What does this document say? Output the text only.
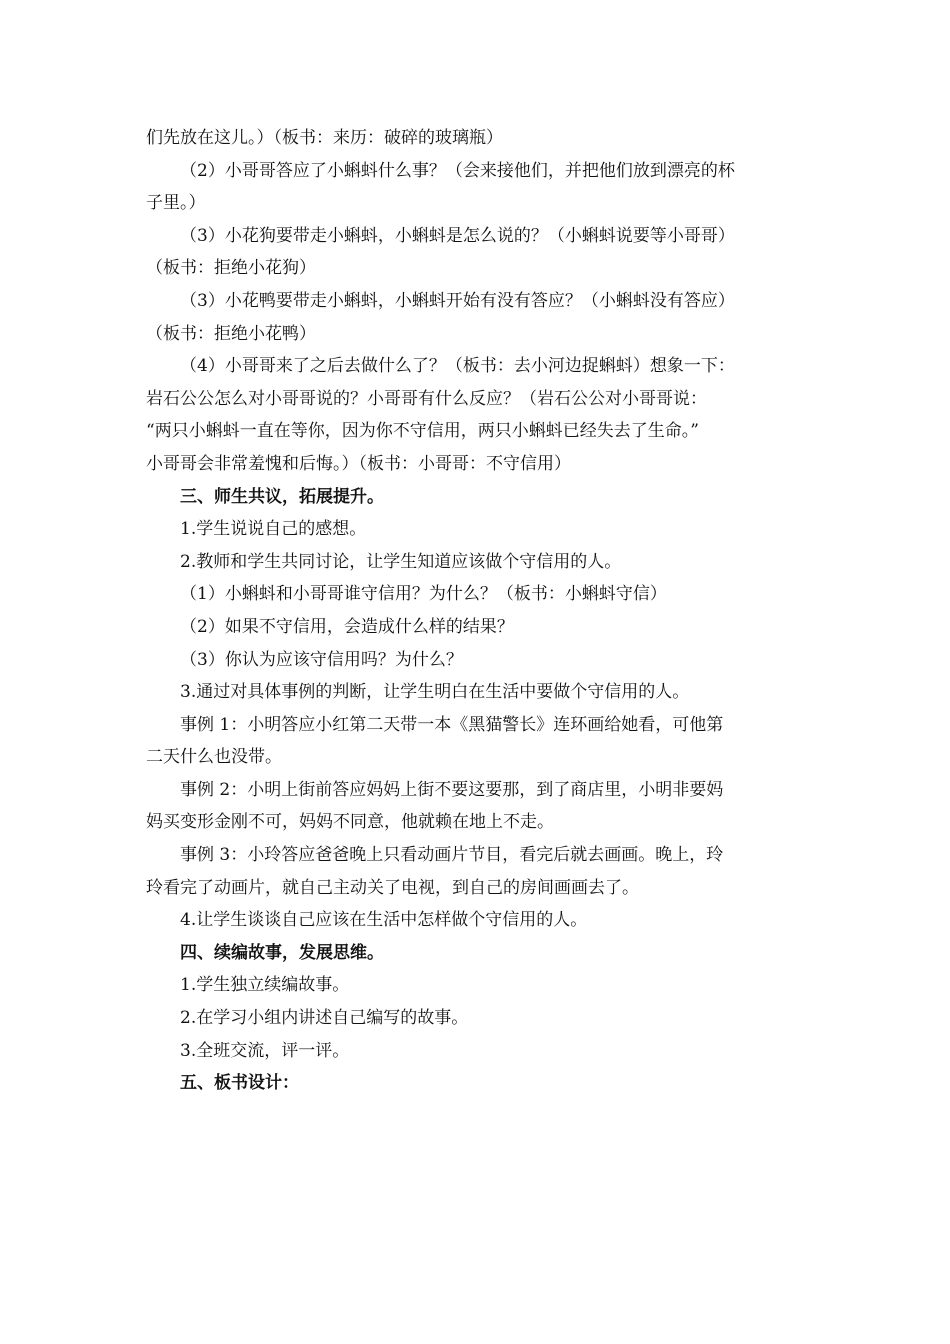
们先放在这儿。）（板书：来历：破碎的玻璃瓶）
（2）小哥哥答应了小蝌蚪什么事？（会来接他们，并把他们放到漂亮的杯
子里。）
（3）小花狗要带走小蝌蚪，小蝌蚪是怎么说的？（小蝌蚪说要等小哥哥）
（板书：拒绝小花狗）
（3）小花鸭要带走小蝌蚪，小蝌蚪开始有没有答应？（小蝌蚪没有答应）
（板书：拒绝小花鸭）
（4）小哥哥来了之后去做什么了？（板书：去小河边捉蝌蚪）想象一下：
岩石公公怎么对小哥哥说的？小哥哥有什么反应？（岩石公公对小哥哥说：
“两只小蝌蚪一直在等你，因为你不守信用，两只小蝌蚪已经失去了生命。”
小哥哥会非常羞愧和后悔。）（板书：小哥哥：不守信用）
三、师生共议，拓展提升。
1.学生说说自己的感想。
2.教师和学生共同讨论，让学生知道应该做个守信用的人。
（1）小蝌蚪和小哥哥谁守信用？为什么？（板书：小蝌蚪守信）
（2）如果不守信用，会造成什么样的结果？
（3）你认为应该守信用吗？为什么？
3.通过对具体事例的判断，让学生明白在生活中要做个守信用的人。
事例 1：小明答应小红第二天带一本《黑猫警长》连环画给她看，可他第
二天什么也没带。
事例 2：小明上街前答应妈妈上街不要这要那，到了商店里，小明非要妈
妈买变形金刚不可，妈妈不同意，他就赖在地上不走。
事例 3：小玲答应爸爸晚上只看动画片节目，看完后就去画画。晚上，玲
玲看完了动画片，就自己主动关了电视，到自己的房间画画去了。
4.让学生谈谈自己应该在生活中怎样做个守信用的人。
四、续编故事，发展思维。
1.学生独立续编故事。
2.在学习小组内讲述自己编写的故事。
3.全班交流，评一评。
五、板书设计：
